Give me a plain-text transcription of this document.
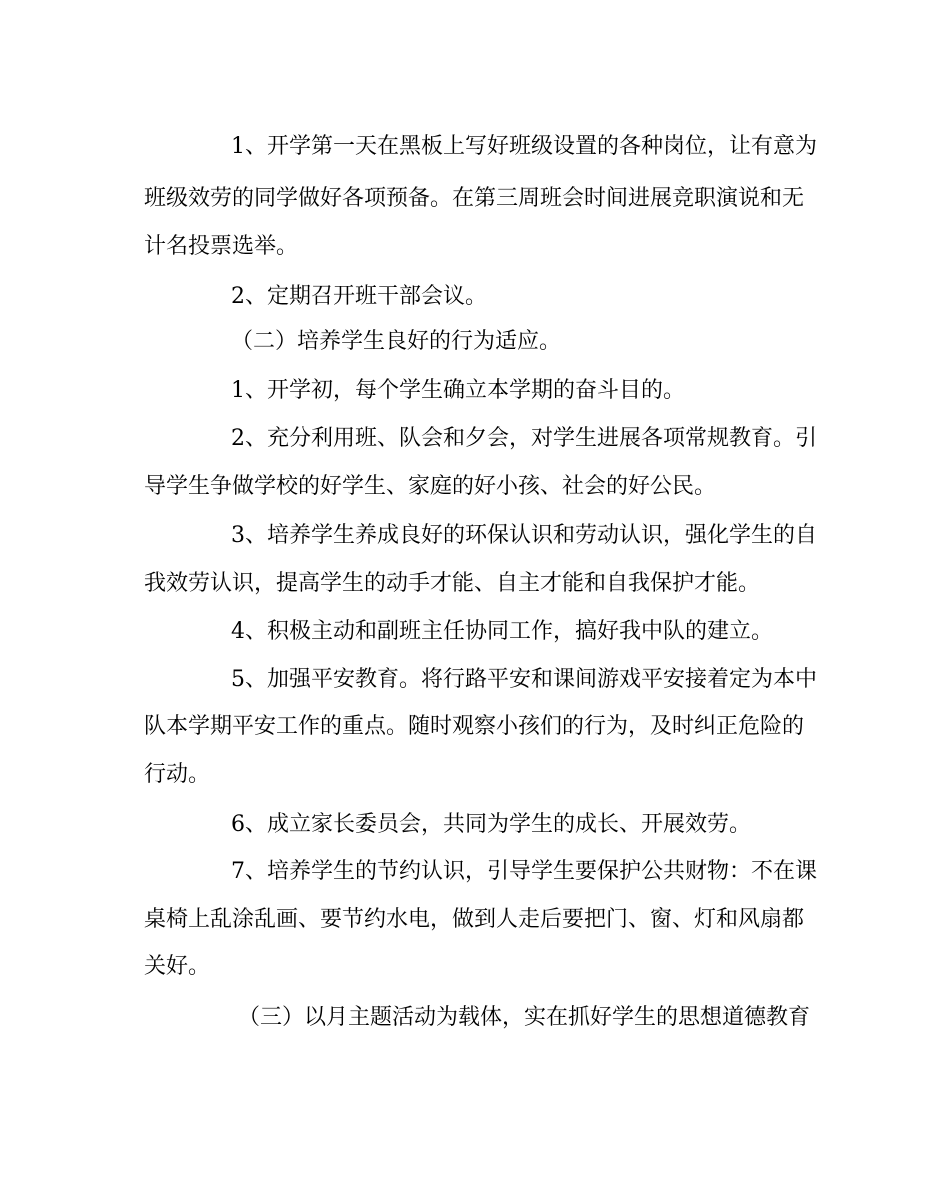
1、开学第一天在黑板上写好班级设置的各种岗位，让有意为

班级效劳的同学做好各项预备。在第三周班会时间进展竞职演说和无

计名投票选举。

2、定期召开班干部会议。

（二）培养学生良好的行为适应。

1、开学初，每个学生确立本学期的奋斗目的。

2、充分利用班、队会和夕会，对学生进展各项常规教育。引

导学生争做学校的好学生、家庭的好小孩、社会的好公民。

3、培养学生养成良好的环保认识和劳动认识，强化学生的自

我效劳认识，提高学生的动手才能、自主才能和自我保护才能。

4、积极主动和副班主任协同工作，搞好我中队的建立。

5、加强平安教育。将行路平安和课间游戏平安接着定为本中

队本学期平安工作的重点。随时观察小孩们的行为，及时纠正危险的

行动。

6、成立家长委员会，共同为学生的成长、开展效劳。

7、培养学生的节约认识，引导学生要保护公共财物：不在课

桌椅上乱涂乱画、要节约水电，做到人走后要把门、窗、灯和风扇都

关好。

（三）以月主题活动为载体，实在抓好学生的思想道德教育
